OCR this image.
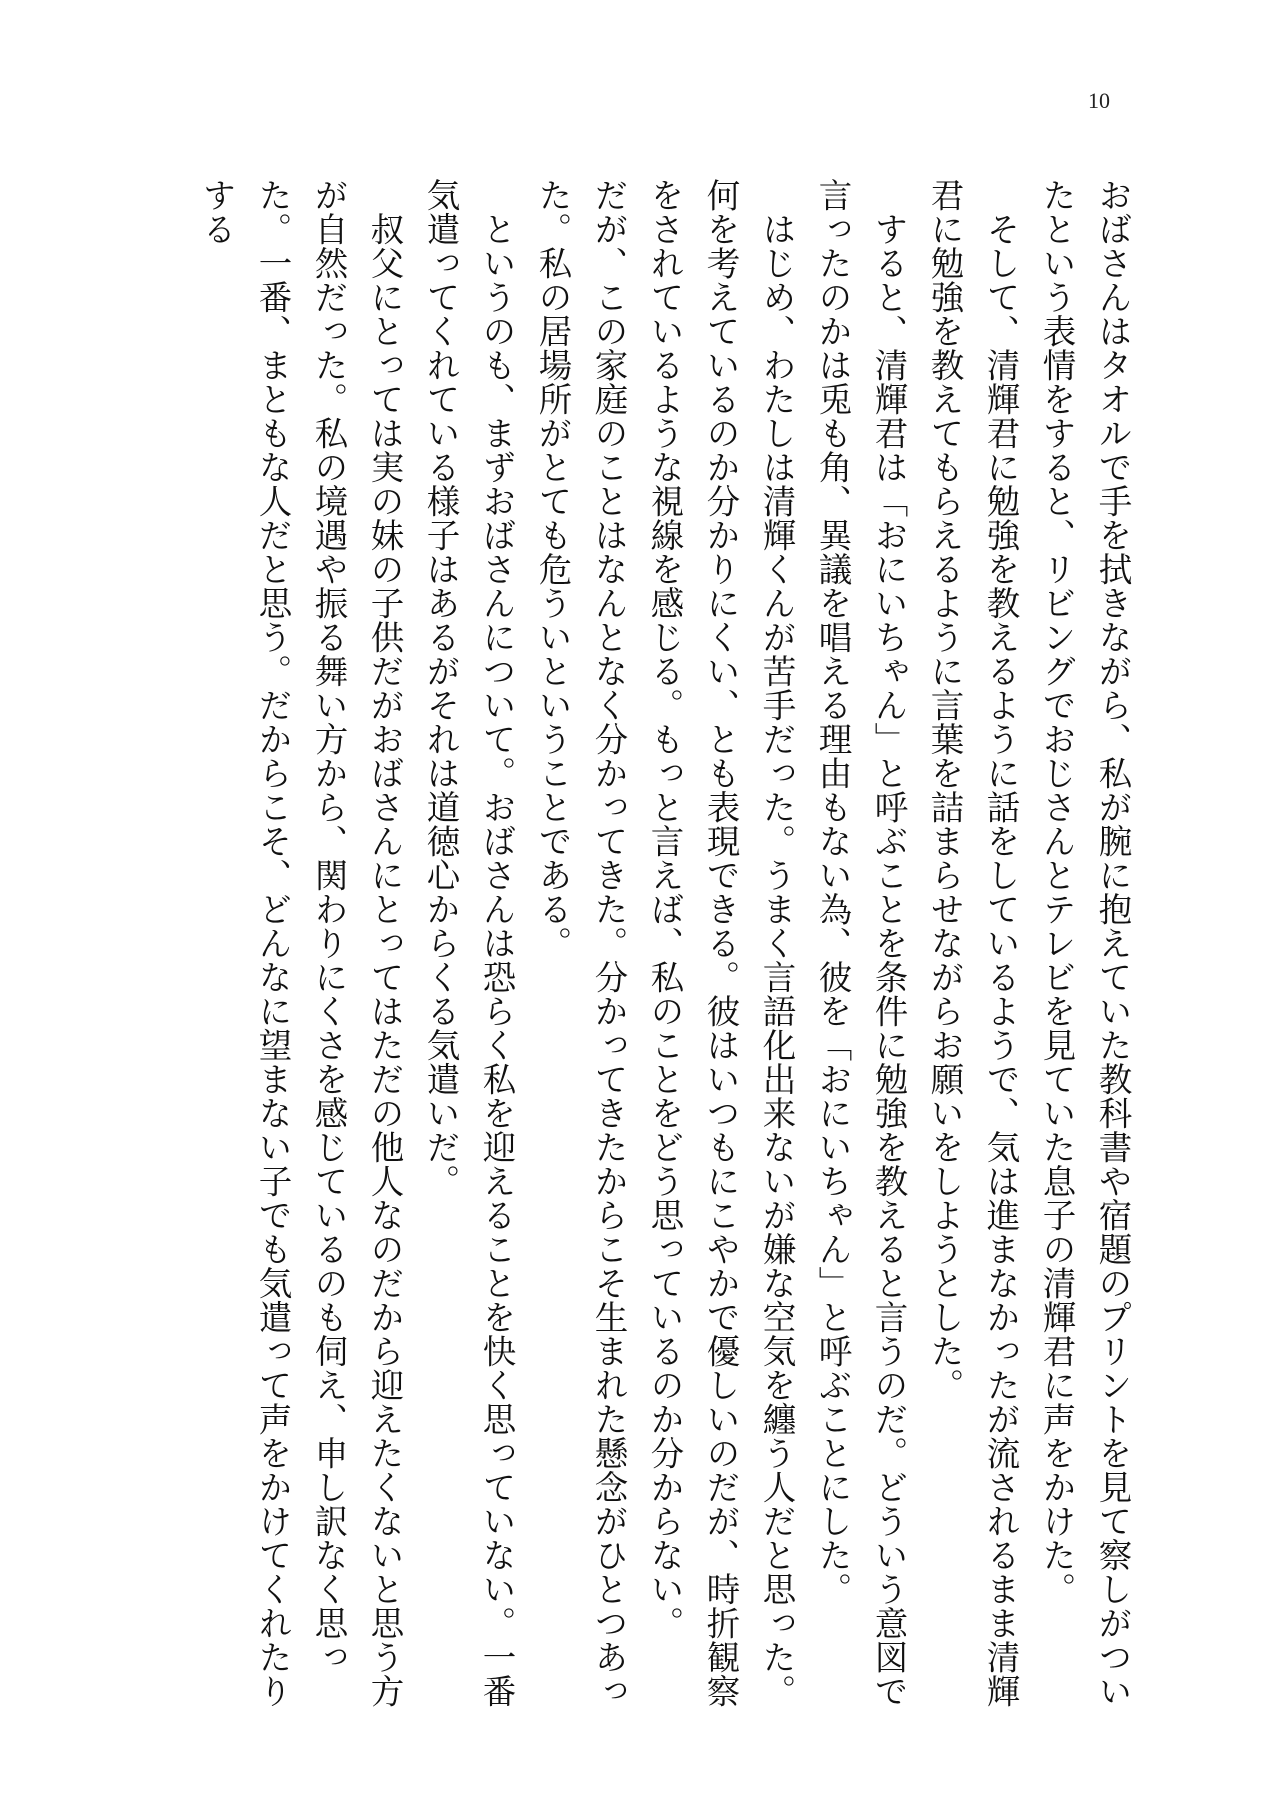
10

おばさんはタオルで手を拭きながら、私が腕に抱えていた教科書や宿題のプリントを見て察しがついたという表情をすると、リビングでおじさんとテレビを見ていた息子の清輝君に声をかけた。

そして、清輝君に勉強を教えるように話をしているようで、気は進まなかったが流されるまま清輝君に勉強を教えてもらえるように言葉を詰まらせながらお願いをしようとした。

すると、清輝君は「おにいちゃん」と呼ぶことを条件に勉強を教えると言うのだ。どういう意図で言ったのかは兎も角、異議を唱える理由もない為、彼を「おにいちゃん」と呼ぶことにした。

はじめ、わたしは清輝くんが苦手だった。うまく言語化出来ないが嫌な空気を纏う人だと思った。何を考えているのか分かりにくい、とも表現できる。彼はいつもにこやかで優しいのだが、時折観察をされているような視線を感じる。もっと言えば、私のことをどう思っているのか分からない。

だが、この家庭のことはなんとなく分かってきた。分かってきたからこそ生まれた懸念がひとつあった。私の居場所がとても危ういということである。

というのも、まずおばさんについて。おばさんは恐らく私を迎えることを快く思っていない。一番気遣ってくれている様子はあるがそれは道徳心からくる気遣いだ。

叔父にとっては実の妹の子供だがおばさんにとってはただの他人なのだから迎えたくないと思う方が自然だった。私の境遇や振る舞い方から、関わりにくさを感じているのも伺え、申し訳なく思った。一番、まともな人だと思う。だからこそ、どんなに望まない子でも気遣って声をかけてくれたりする
